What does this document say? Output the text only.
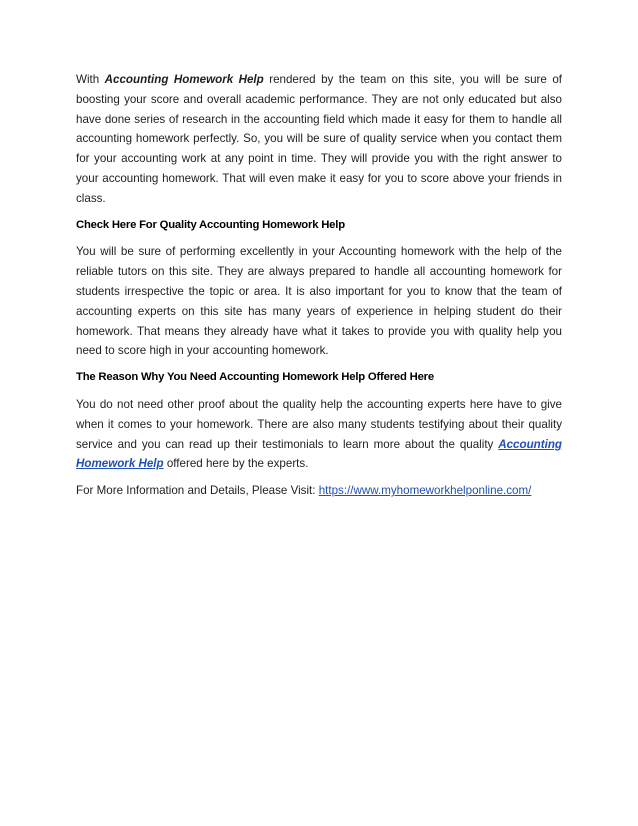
With Accounting Homework Help rendered by the team on this site, you will be sure of boosting your score and overall academic performance. They are not only educated but also have done series of research in the accounting field which made it easy for them to handle all accounting homework perfectly. So, you will be sure of quality service when you contact them for your accounting work at any point in time. They will provide you with the right answer to your accounting homework. That will even make it easy for you to score above your friends in class.

Check Here For Quality Accounting Homework Help

You will be sure of performing excellently in your Accounting homework with the help of the reliable tutors on this site. They are always prepared to handle all accounting homework for students irrespective the topic or area. It is also important for you to know that the team of accounting experts on this site has many years of experience in helping student do their homework. That means they already have what it takes to provide you with quality help you need to score high in your accounting homework.

The Reason Why You Need Accounting Homework Help Offered Here

You do not need other proof about the quality help the accounting experts here have to give when it comes to your homework. There are also many students testifying about their quality service and you can read up their testimonials to learn more about the quality Accounting Homework Help offered here by the experts.

For More Information and Details, Please Visit: https://www.myhomeworkhelponline.com/
